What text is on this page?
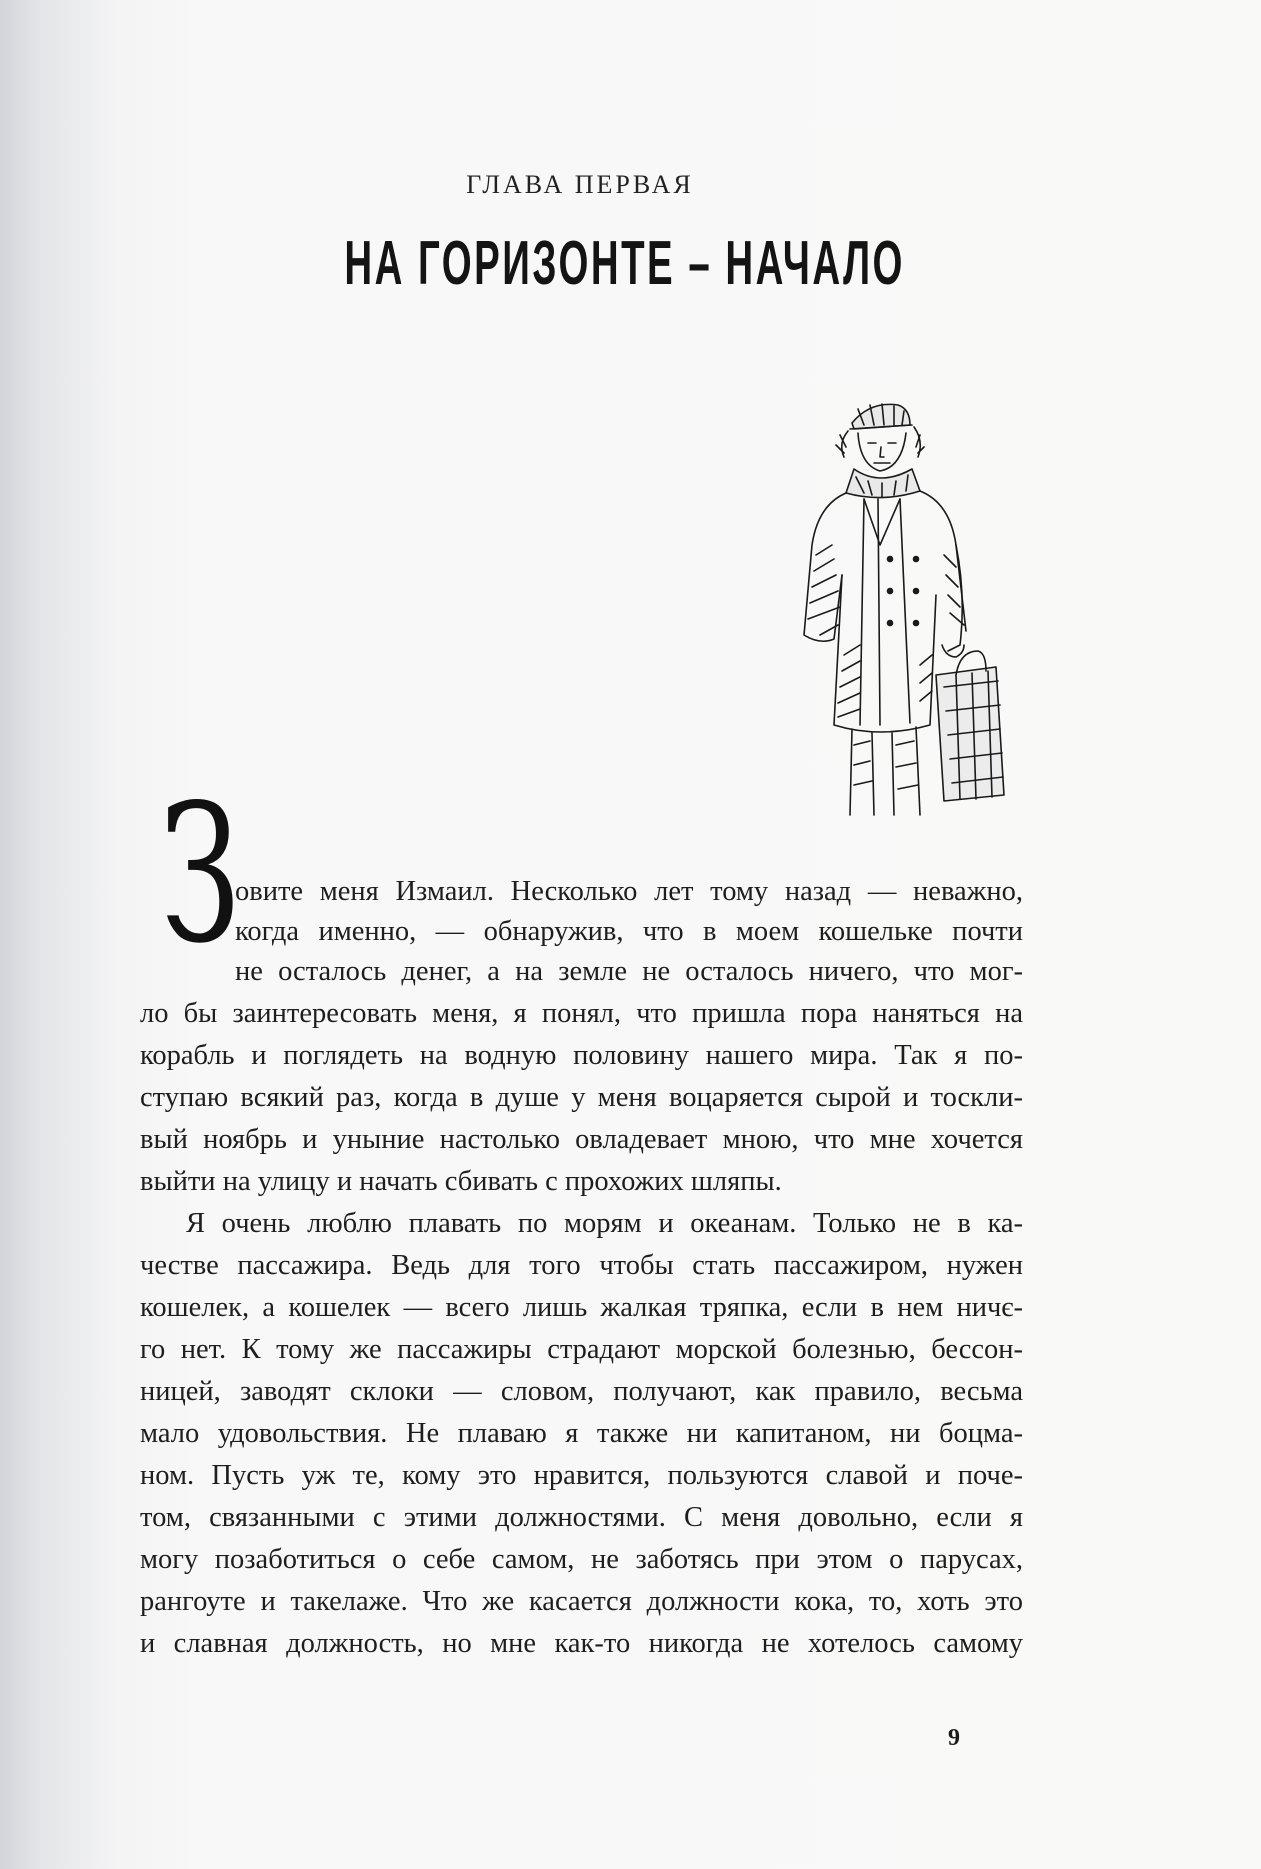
ГЛАВА ПЕРВАЯ
НА ГОРИЗОНТЕ – НАЧАЛО
З
овите меня Измаил. Несколько лет тому назад — неважно,
когда именно, — обнаружив, что в моем кошельке почти
не осталось денег, а на земле не осталось ничего, что мог-
ло бы заинтересовать меня, я понял, что пришла пора наняться на
корабль и поглядеть на водную половину нашего мира. Так я по-
ступаю всякий раз, когда в душе у меня воцаряется сырой и тоскли-
вый ноябрь и уныние настолько овладевает мною, что мне хочется
выйти на улицу и начать сбивать с прохожих шляпы.
Я очень люблю плавать по морям и океанам. Только не в ка-
честве пассажира. Ведь для того чтобы стать пассажиром, нужен
кошелек, а кошелек — всего лишь жалкая тряпка, если в нем ничє-
го нет. К тому же пассажиры страдают морской болезнью, бессон-
ницей, заводят склоки — словом, получают, как правило, весьма
мало удовольствия. Не плаваю я также ни капитаном, ни боцма-
ном. Пусть уж те, кому это нравится, пользуются славой и поче-
том, связанными с этими должностями. С меня довольно, если я
могу позаботиться о себе самом, не заботясь при этом о парусах,
рангоуте и такелаже. Что же касается должности кока, то, хоть это
и славная должность, но мне как-то никогда не хотелось самому
9
